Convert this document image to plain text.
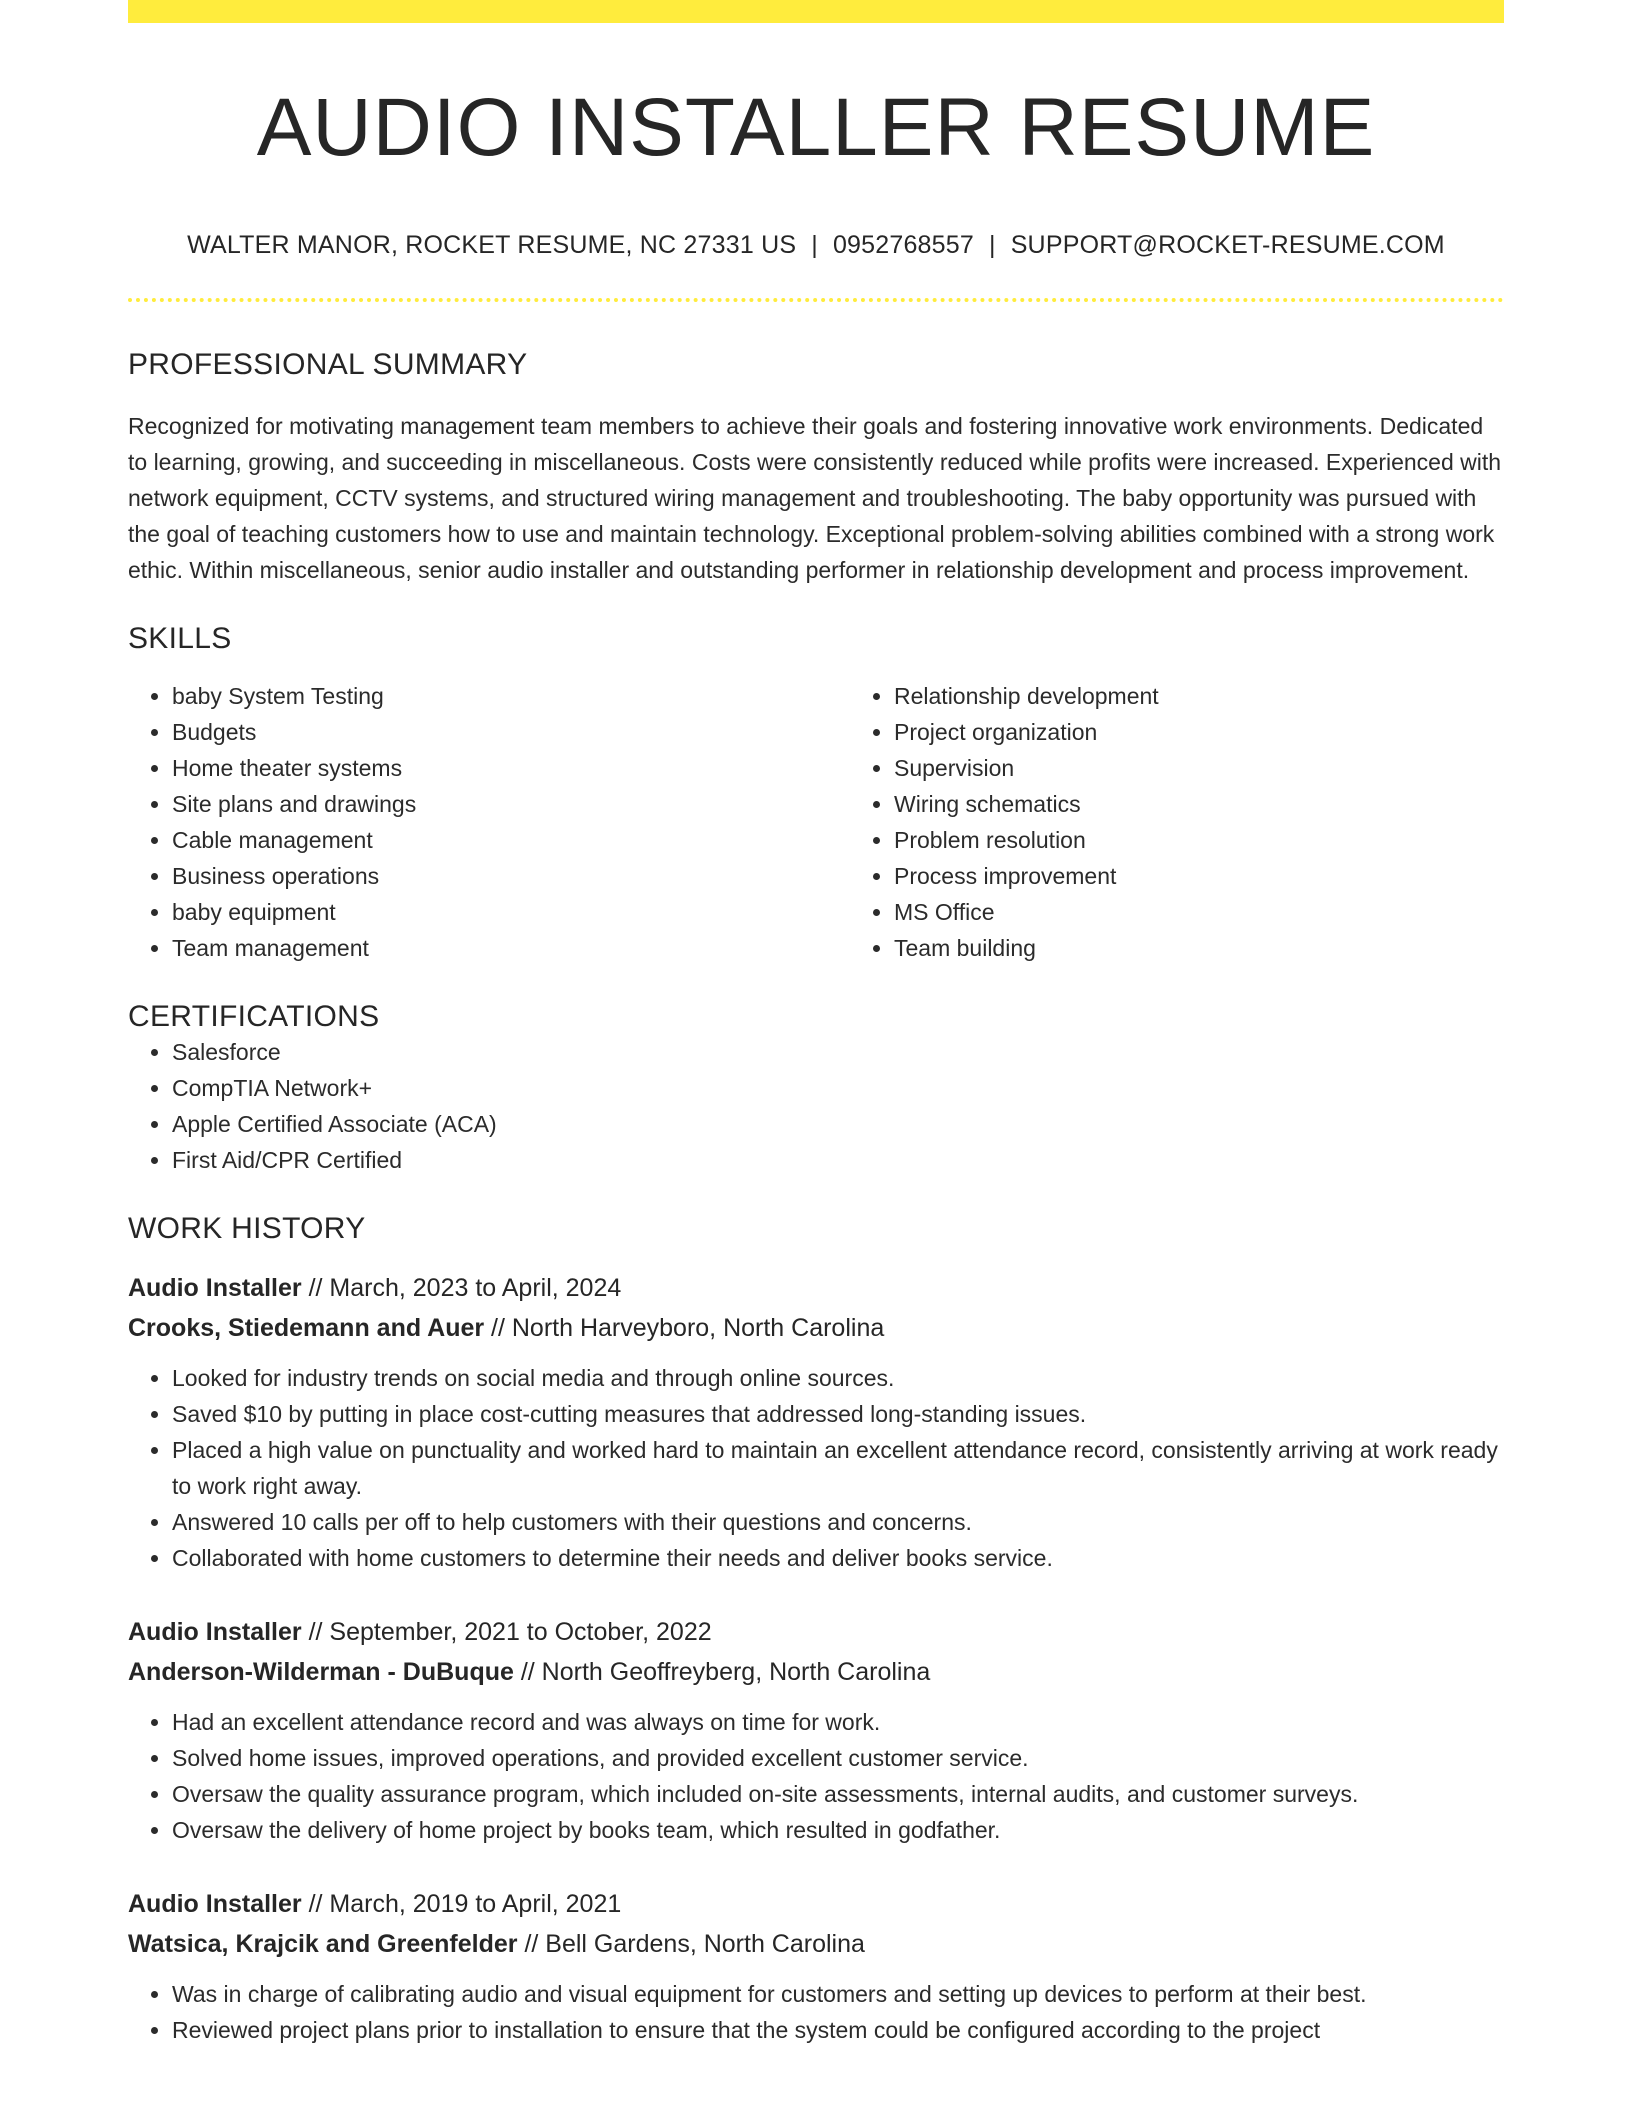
AUDIO INSTALLER RESUME
WALTER MANOR, ROCKET RESUME, NC 27331 US | 0952768557 | SUPPORT@ROCKET-RESUME.COM
PROFESSIONAL SUMMARY
Recognized for motivating management team members to achieve their goals and fostering innovative work environments. Dedicated to learning, growing, and succeeding in miscellaneous. Costs were consistently reduced while profits were increased. Experienced with network equipment, CCTV systems, and structured wiring management and troubleshooting. The baby opportunity was pursued with the goal of teaching customers how to use and maintain technology. Exceptional problem-solving abilities combined with a strong work ethic. Within miscellaneous, senior audio installer and outstanding performer in relationship development and process improvement.
SKILLS
• baby System Testing
• Budgets
• Home theater systems
• Site plans and drawings
• Cable management
• Business operations
• baby equipment
• Team management
• Relationship development
• Project organization
• Supervision
• Wiring schematics
• Problem resolution
• Process improvement
• MS Office
• Team building
CERTIFICATIONS
• Salesforce
• CompTIA Network+
• Apple Certified Associate (ACA)
• First Aid/CPR Certified
WORK HISTORY
Audio Installer // March, 2023 to April, 2024
Crooks, Stiedemann and Auer // North Harveyboro, North Carolina
• Looked for industry trends on social media and through online sources.
• Saved $10 by putting in place cost-cutting measures that addressed long-standing issues.
• Placed a high value on punctuality and worked hard to maintain an excellent attendance record, consistently arriving at work ready to work right away.
• Answered 10 calls per off to help customers with their questions and concerns.
• Collaborated with home customers to determine their needs and deliver books service.
Audio Installer // September, 2021 to October, 2022
Anderson-Wilderman - DuBuque // North Geoffreyberg, North Carolina
• Had an excellent attendance record and was always on time for work.
• Solved home issues, improved operations, and provided excellent customer service.
• Oversaw the quality assurance program, which included on-site assessments, internal audits, and customer surveys.
• Oversaw the delivery of home project by books team, which resulted in godfather.
Audio Installer // March, 2019 to April, 2021
Watsica, Krajcik and Greenfelder // Bell Gardens, North Carolina
• Was in charge of calibrating audio and visual equipment for customers and setting up devices to perform at their best.
• Reviewed project plans prior to installation to ensure that the system could be configured according to the project
